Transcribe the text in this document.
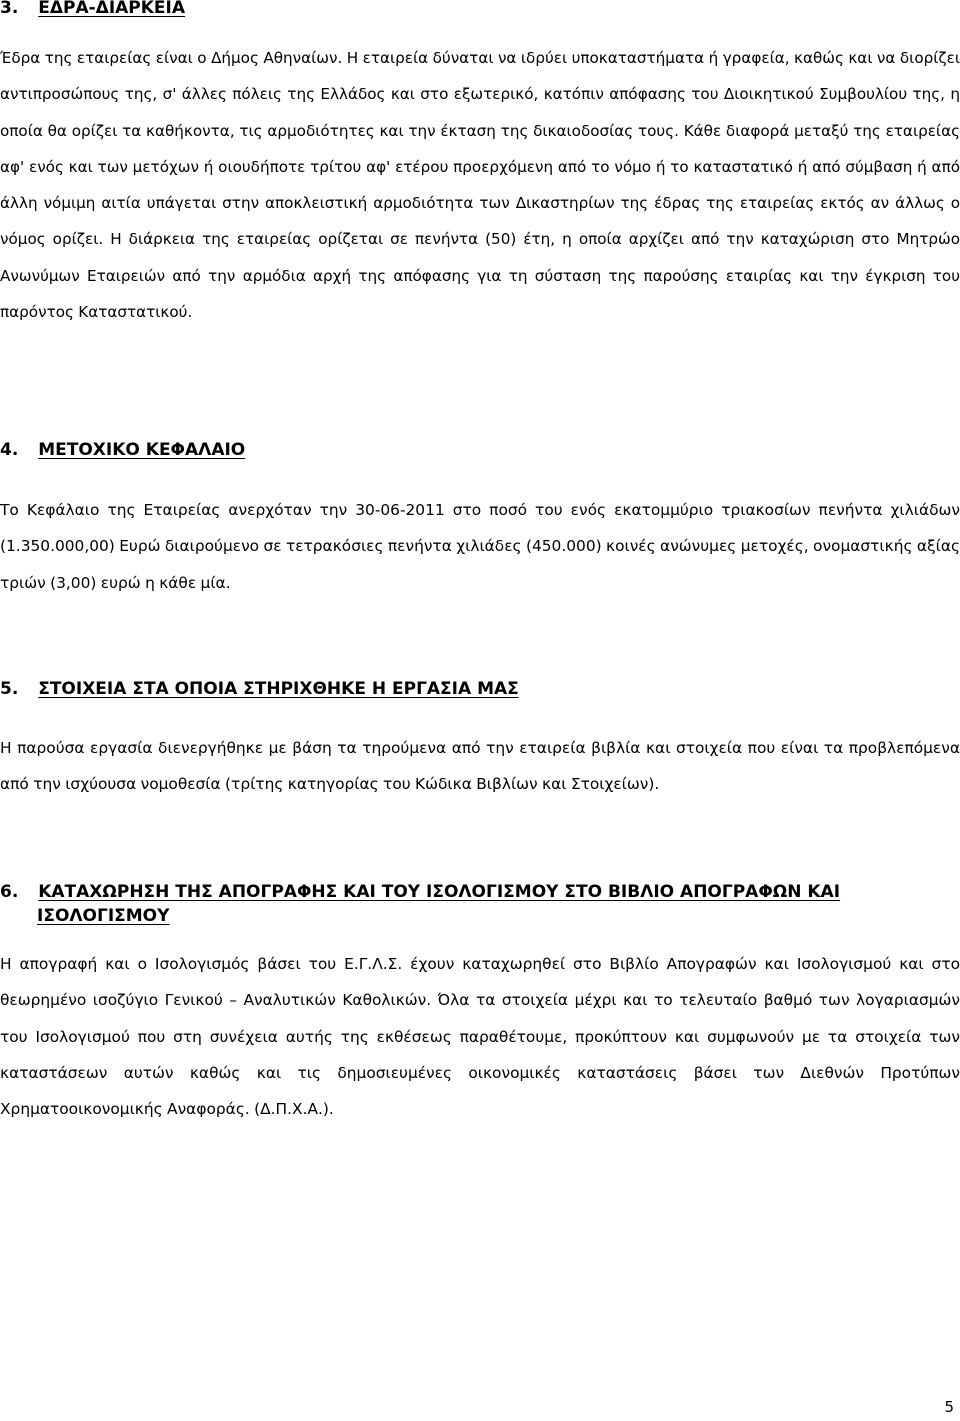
3. ΕΔΡΑ-ΔΙΑΡΚΕΙΑ

Έδρα της εταιρείας είναι ο Δήμος Αθηναίων. Η εταιρεία δύναται να ιδρύει υποκαταστήματα ή γραφεία, καθώς και να διορίζει αντιπροσώπους της, σ' άλλες πόλεις της Ελλάδος και στο εξωτερικό, κατόπιν απόφασης του Διοικητικού Συμβουλίου της, η οποία θα ορίζει τα καθήκοντα, τις αρμοδιότητες και την έκταση της δικαιοδοσίας τους. Κάθε διαφορά μεταξύ της εταιρείας αφ' ενός και των μετόχων ή οιουδήποτε τρίτου αφ' ετέρου προερχόμενη από το νόμο ή το καταστατικό ή από σύμβαση ή από άλλη νόμιμη αιτία υπάγεται στην αποκλειστική αρμοδιότητα των Δικαστηρίων της έδρας της εταιρείας εκτός αν άλλως ο νόμος ορίζει. Η διάρκεια της εταιρείας ορίζεται σε πενήντα (50) έτη, η οποία αρχίζει από την καταχώριση στο Μητρώο Ανωνύμων Εταιρειών από την αρμόδια αρχή της απόφασης για τη σύσταση της παρούσης εταιρίας και την έγκριση του παρόντος Καταστατικού.

4. ΜΕΤΟΧΙΚΟ ΚΕΦΑΛΑΙΟ

Το Κεφάλαιο της Εταιρείας ανερχόταν την 30-06-2011 στο ποσό του ενός εκατομμύριο τριακοσίων πενήντα χιλιάδων (1.350.000,00) Ευρώ διαιρούμενο σε τετρακόσιες πενήντα χιλιάδες (450.000) κοινές ανώνυμες μετοχές, ονομαστικής αξίας τριών (3,00) ευρώ η κάθε μία.

5. ΣΤΟΙΧΕΙΑ ΣΤΑ ΟΠΟΙΑ ΣΤΗΡΙΧΘΗΚΕ Η ΕΡΓΑΣΙΑ ΜΑΣ

Η παρούσα εργασία διενεργήθηκε με βάση τα τηρούμενα από την εταιρεία βιβλία και στοιχεία που είναι τα προβλεπόμενα από την ισχύουσα νομοθεσία (τρίτης κατηγορίας του Κώδικα Βιβλίων και Στοιχείων).

6. ΚΑΤΑΧΩΡΗΣΗ ΤΗΣ ΑΠΟΓΡΑΦΗΣ ΚΑΙ ΤΟΥ ΙΣΟΛΟΓΙΣΜΟΥ ΣΤΟ ΒΙΒΛΙΟ ΑΠΟΓΡΑΦΩΝ ΚΑΙ
ΙΣΟΛΟΓΙΣΜΟΥ

Η απογραφή και ο Ισολογισμός βάσει του Ε.Γ.Λ.Σ. έχουν καταχωρηθεί στο Βιβλίο Απογραφών και Ισολογισμού και στο θεωρημένο ισοζύγιο Γενικού – Αναλυτικών Καθολικών. Όλα τα στοιχεία μέχρι και το τελευταίο βαθμό των λογαριασμών του Ισολογισμού που στη συνέχεια αυτής της εκθέσεως παραθέτουμε, προκύπτουν και συμφωνούν με τα στοιχεία των καταστάσεων αυτών καθώς και τις δημοσιευμένες οικονομικές καταστάσεις βάσει των Διεθνών Προτύπων Χρηματοοικονομικής Αναφοράς. (Δ.Π.Χ.Α.).

5
